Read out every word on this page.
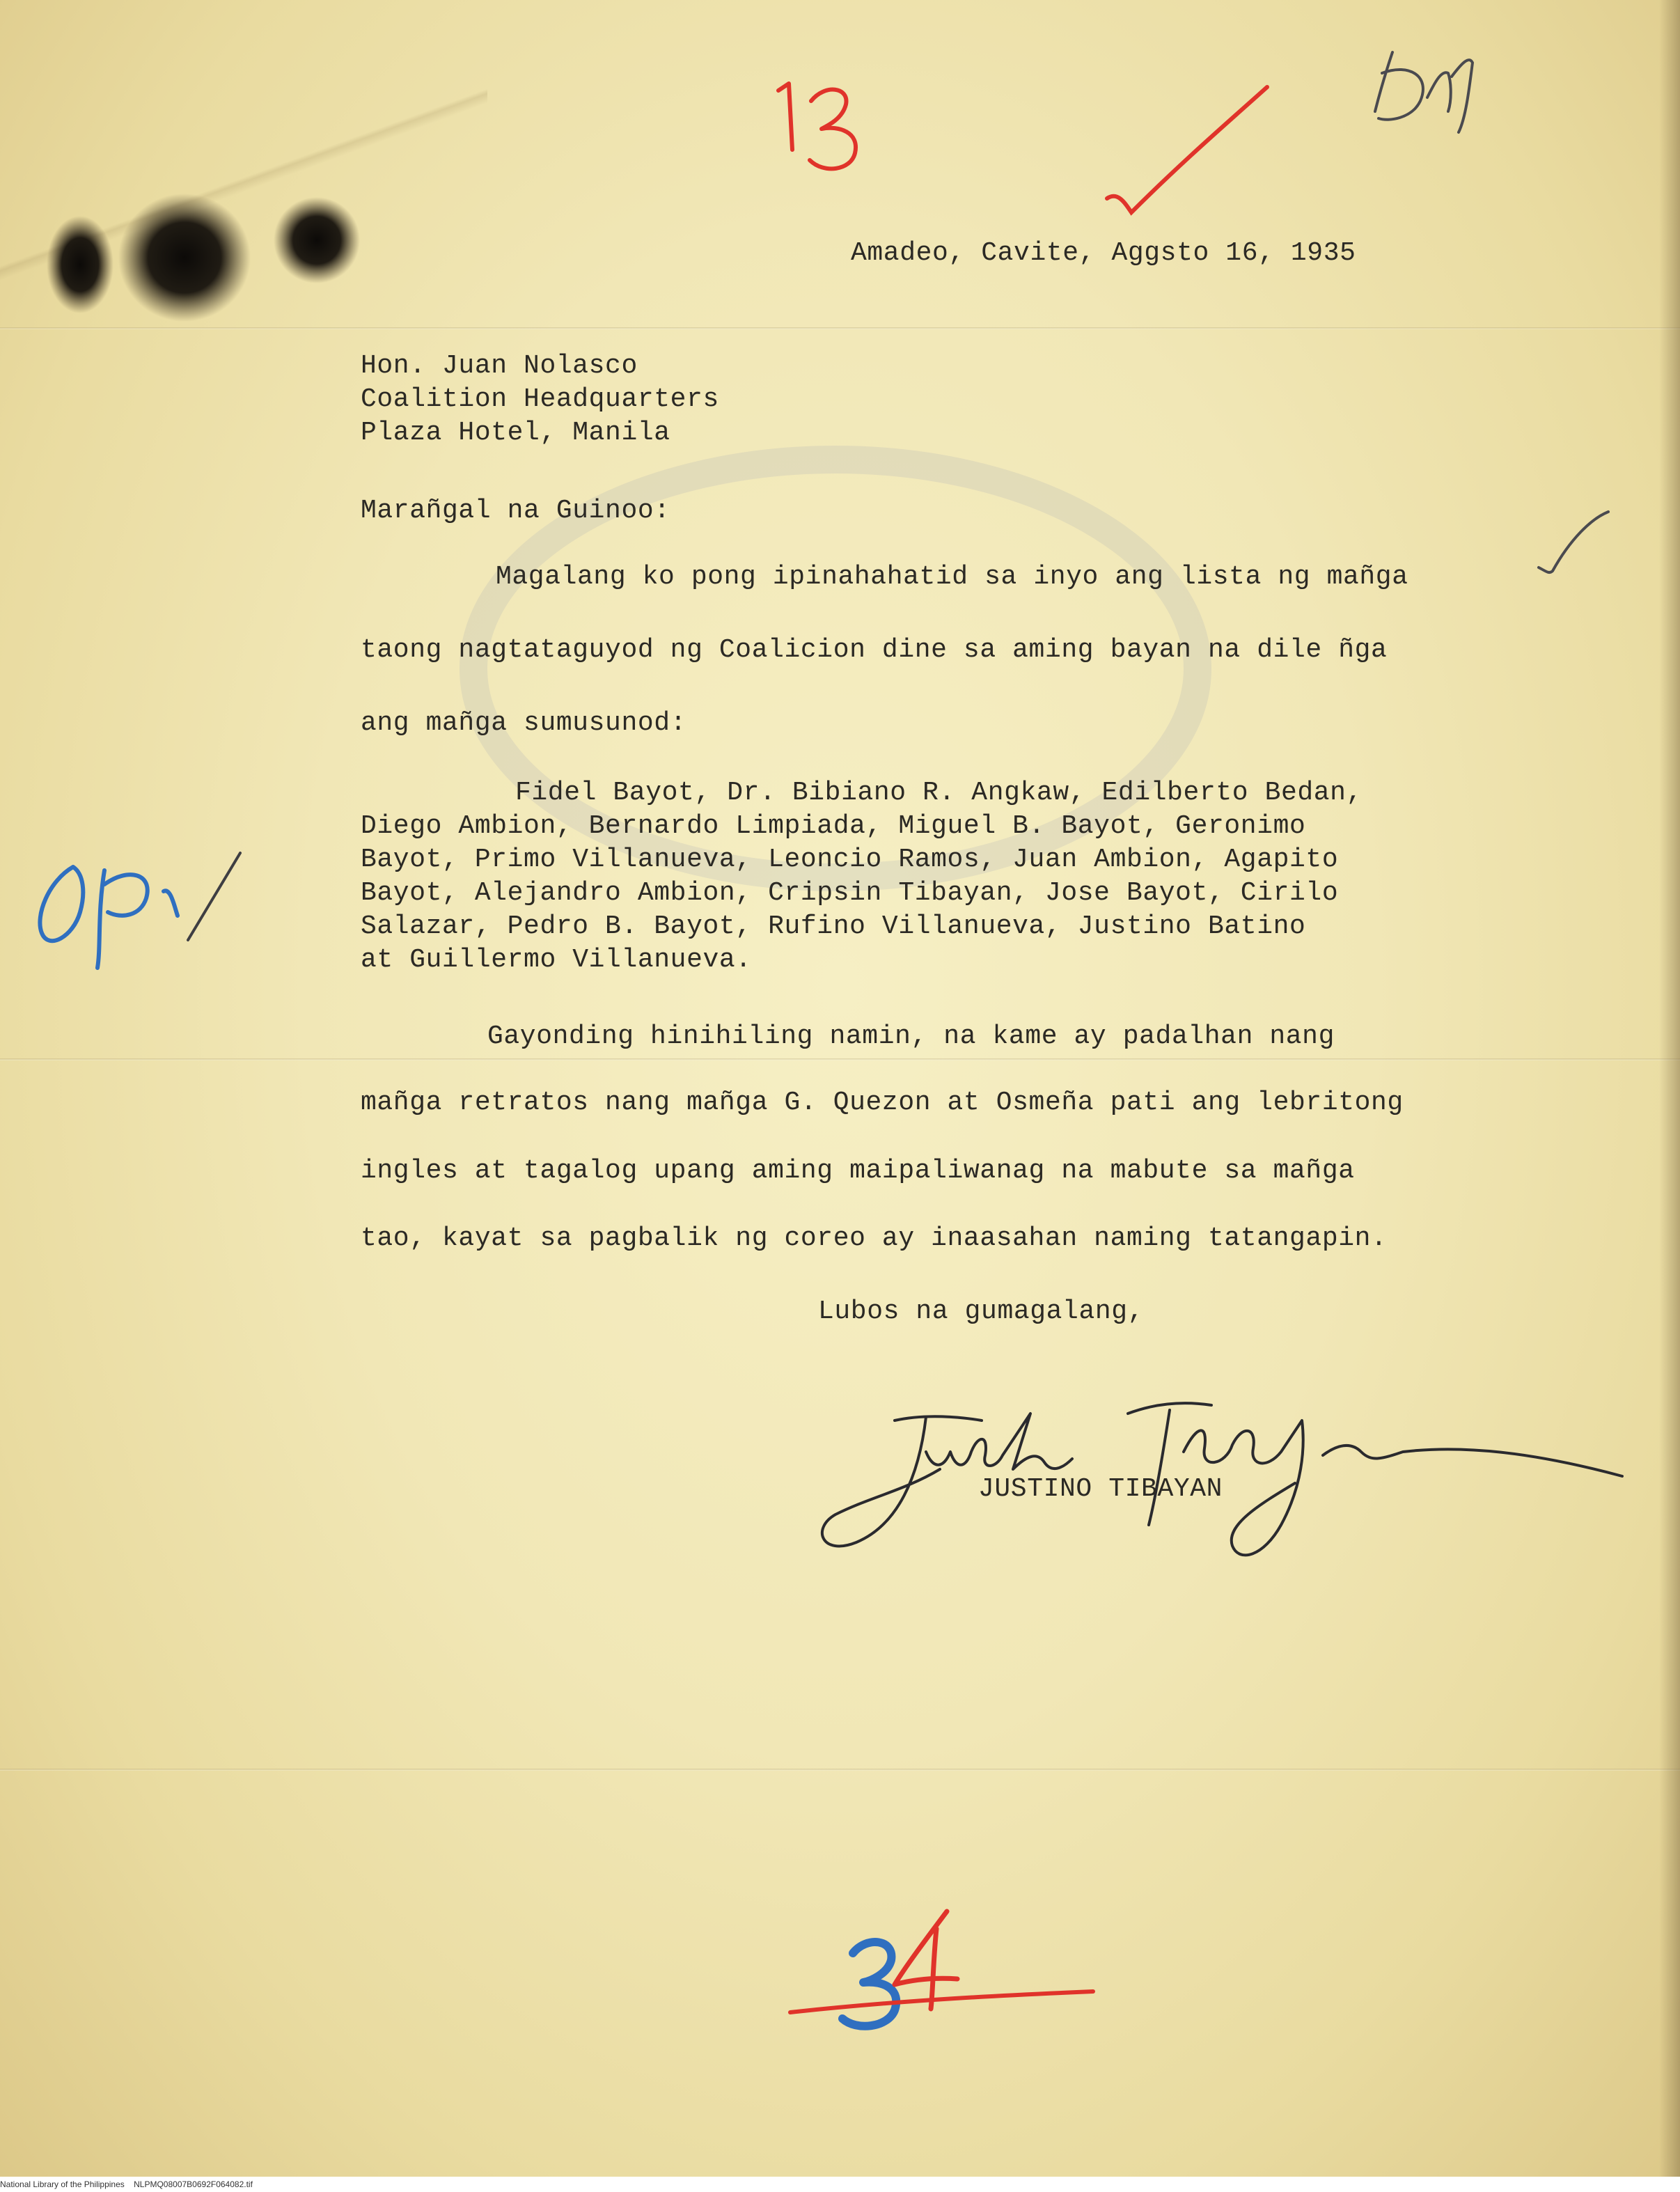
Amadeo, Cavite, Aggsto 16, 1935
Hon. Juan Nolasco
Coalition Headquarters
Plaza Hotel, Manila
Marañgal na Guinoo:
Magalang ko pong ipinahahatid sa inyo ang lista ng mañga
taong nagtataguyod ng Coalicion dine sa aming bayan na dile ñga
ang mañga sumusunod:
Fidel Bayot, Dr. Bibiano R. Angkaw, Edilberto Bedan,
Diego Ambion, Bernardo Limpiada, Miguel B. Bayot, Geronimo
Bayot, Primo Villanueva, Leoncio Ramos, Juan Ambion, Agapito
Bayot, Alejandro Ambion, Cripsin Tibayan, Jose Bayot, Cirilo
Salazar, Pedro B. Bayot, Rufino Villanueva, Justino Batino
at Guillermo Villanueva.
Gayonding hinihiling namin, na kame ay padalhan nang
mañga retratos nang mañga G. Quezon at Osmeña pati ang lebritong
ingles at tagalog upang aming maipaliwanag na mabute sa mañga
tao, kayat sa pagbalik ng coreo ay inaasahan naming tatangapin.
Lubos na gumagalang,
JUSTINO TIBAYAN
National Library of the Philippines NLPMQ08007B0692F064082.tif
